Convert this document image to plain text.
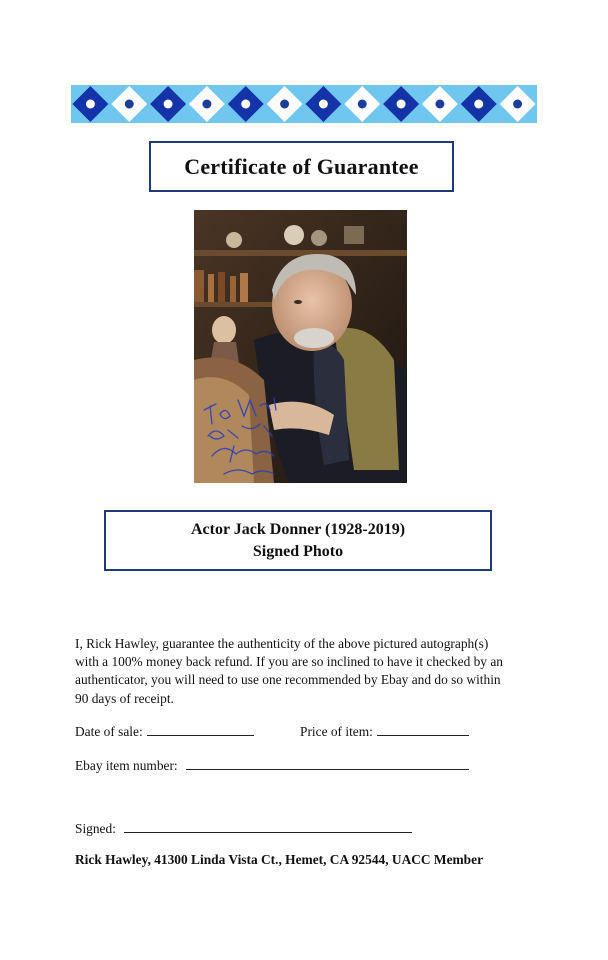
Certificate of Guarantee
Actor Jack Donner (1928-2019)
Signed Photo

I, Rick Hawley, guarantee the authenticity of the above pictured autograph(s)
with a 100% money back refund. If you are so inclined to have it checked by an
authenticator, you will need to use one recommended by Ebay and do so within
90 days of receipt.

Date of sale:	Price of item:
Ebay item number:
Signed:
Rick Hawley, 41300 Linda Vista Ct., Hemet, CA 92544, UACC Member
